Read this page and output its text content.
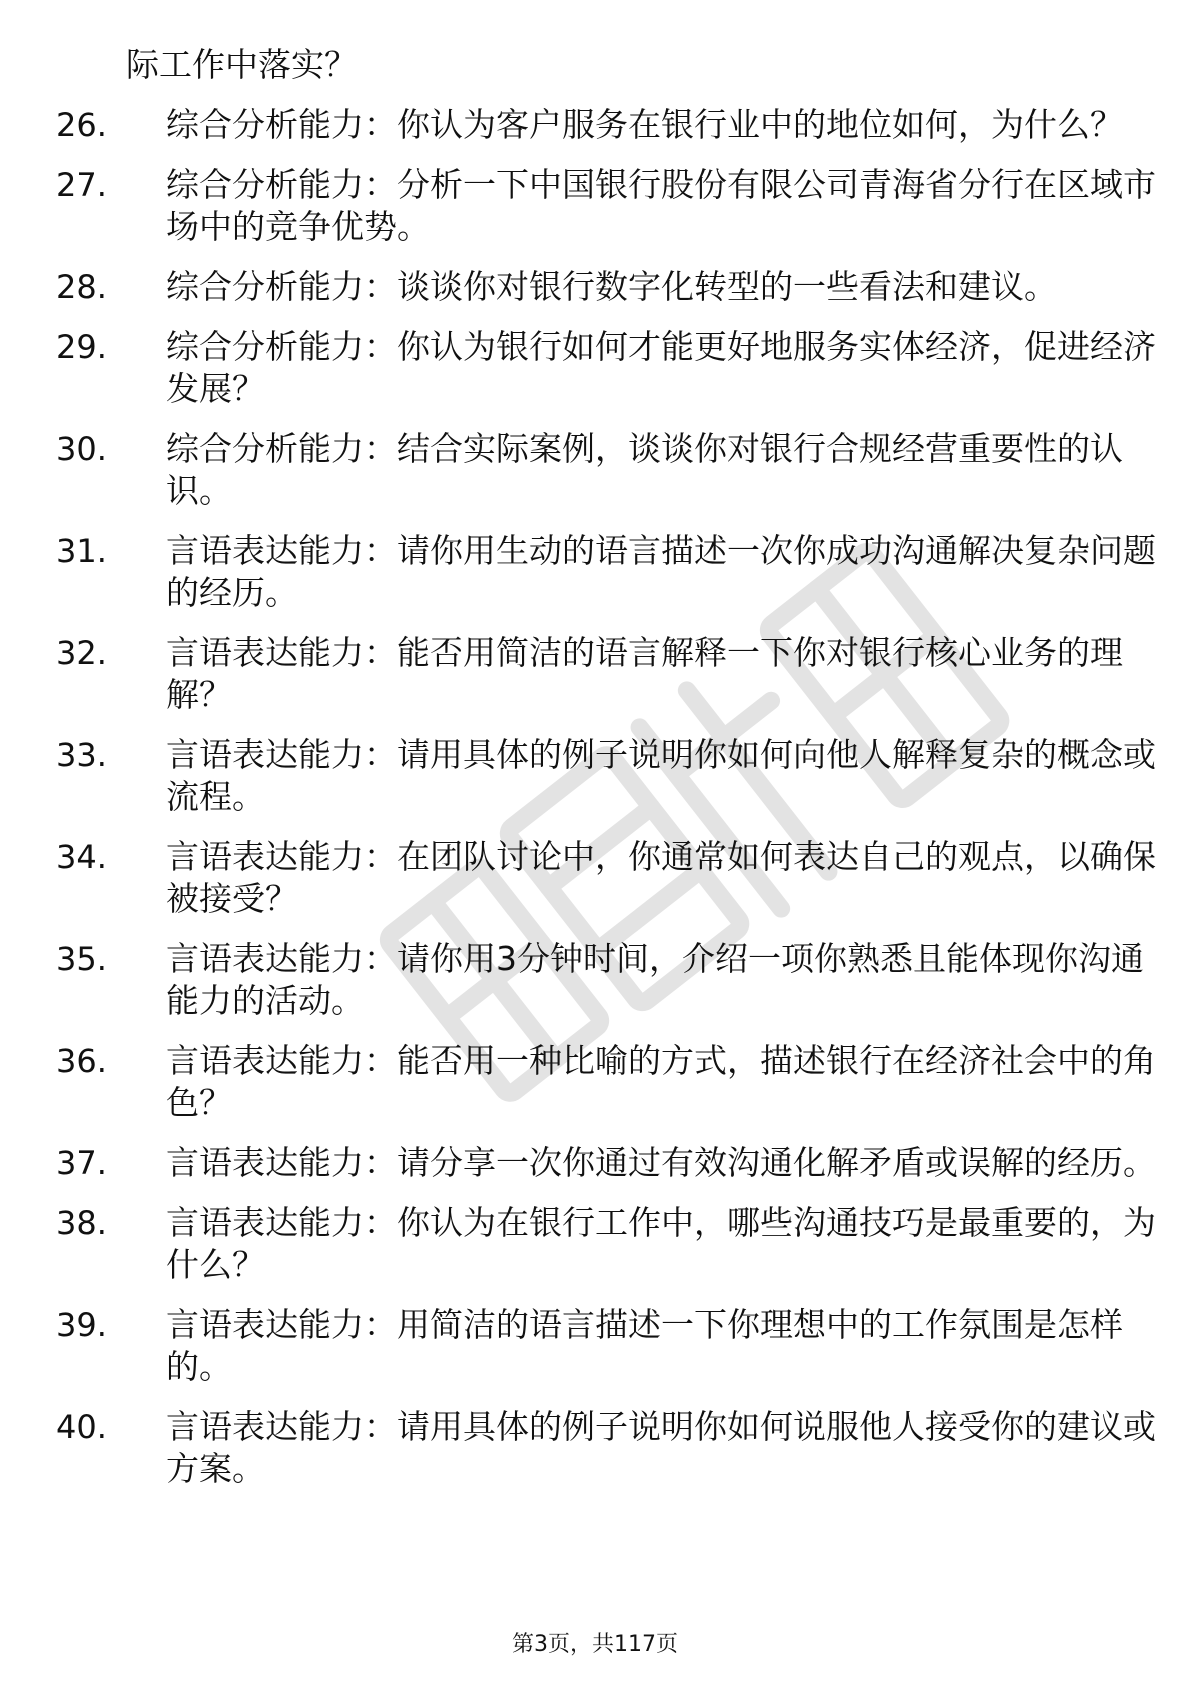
际工作中落实？
26.	综合分析能力：你认为客户服务在银行业中的地位如何，为什么？
27.	综合分析能力：分析一下中国银行股份有限公司青海省分行在区域市场中的竞争优势。
28.	综合分析能力：谈谈你对银行数字化转型的一些看法和建议。
29.	综合分析能力：你认为银行如何才能更好地服务实体经济，促进经济发展？
30.	综合分析能力：结合实际案例，谈谈你对银行合规经营重要性的认识。
31.	言语表达能力：请你用生动的语言描述一次你成功沟通解决复杂问题的经历。
32.	言语表达能力：能否用简洁的语言解释一下你对银行核心业务的理解？
33.	言语表达能力：请用具体的例子说明你如何向他人解释复杂的概念或流程。
34.	言语表达能力：在团队讨论中，你通常如何表达自己的观点，以确保被接受？
35.	言语表达能力：请你用3分钟时间，介绍一项你熟悉且能体现你沟通能力的活动。
36.	言语表达能力：能否用一种比喻的方式，描述银行在经济社会中的角色？
37.	言语表达能力：请分享一次你通过有效沟通化解矛盾或误解的经历。
38.	言语表达能力：你认为在银行工作中，哪些沟通技巧是最重要的，为什么？
39.	言语表达能力：用简洁的语言描述一下你理想中的工作氛围是怎样的。
40.	言语表达能力：请用具体的例子说明你如何说服他人接受你的建议或方案。
第3页，共117页
